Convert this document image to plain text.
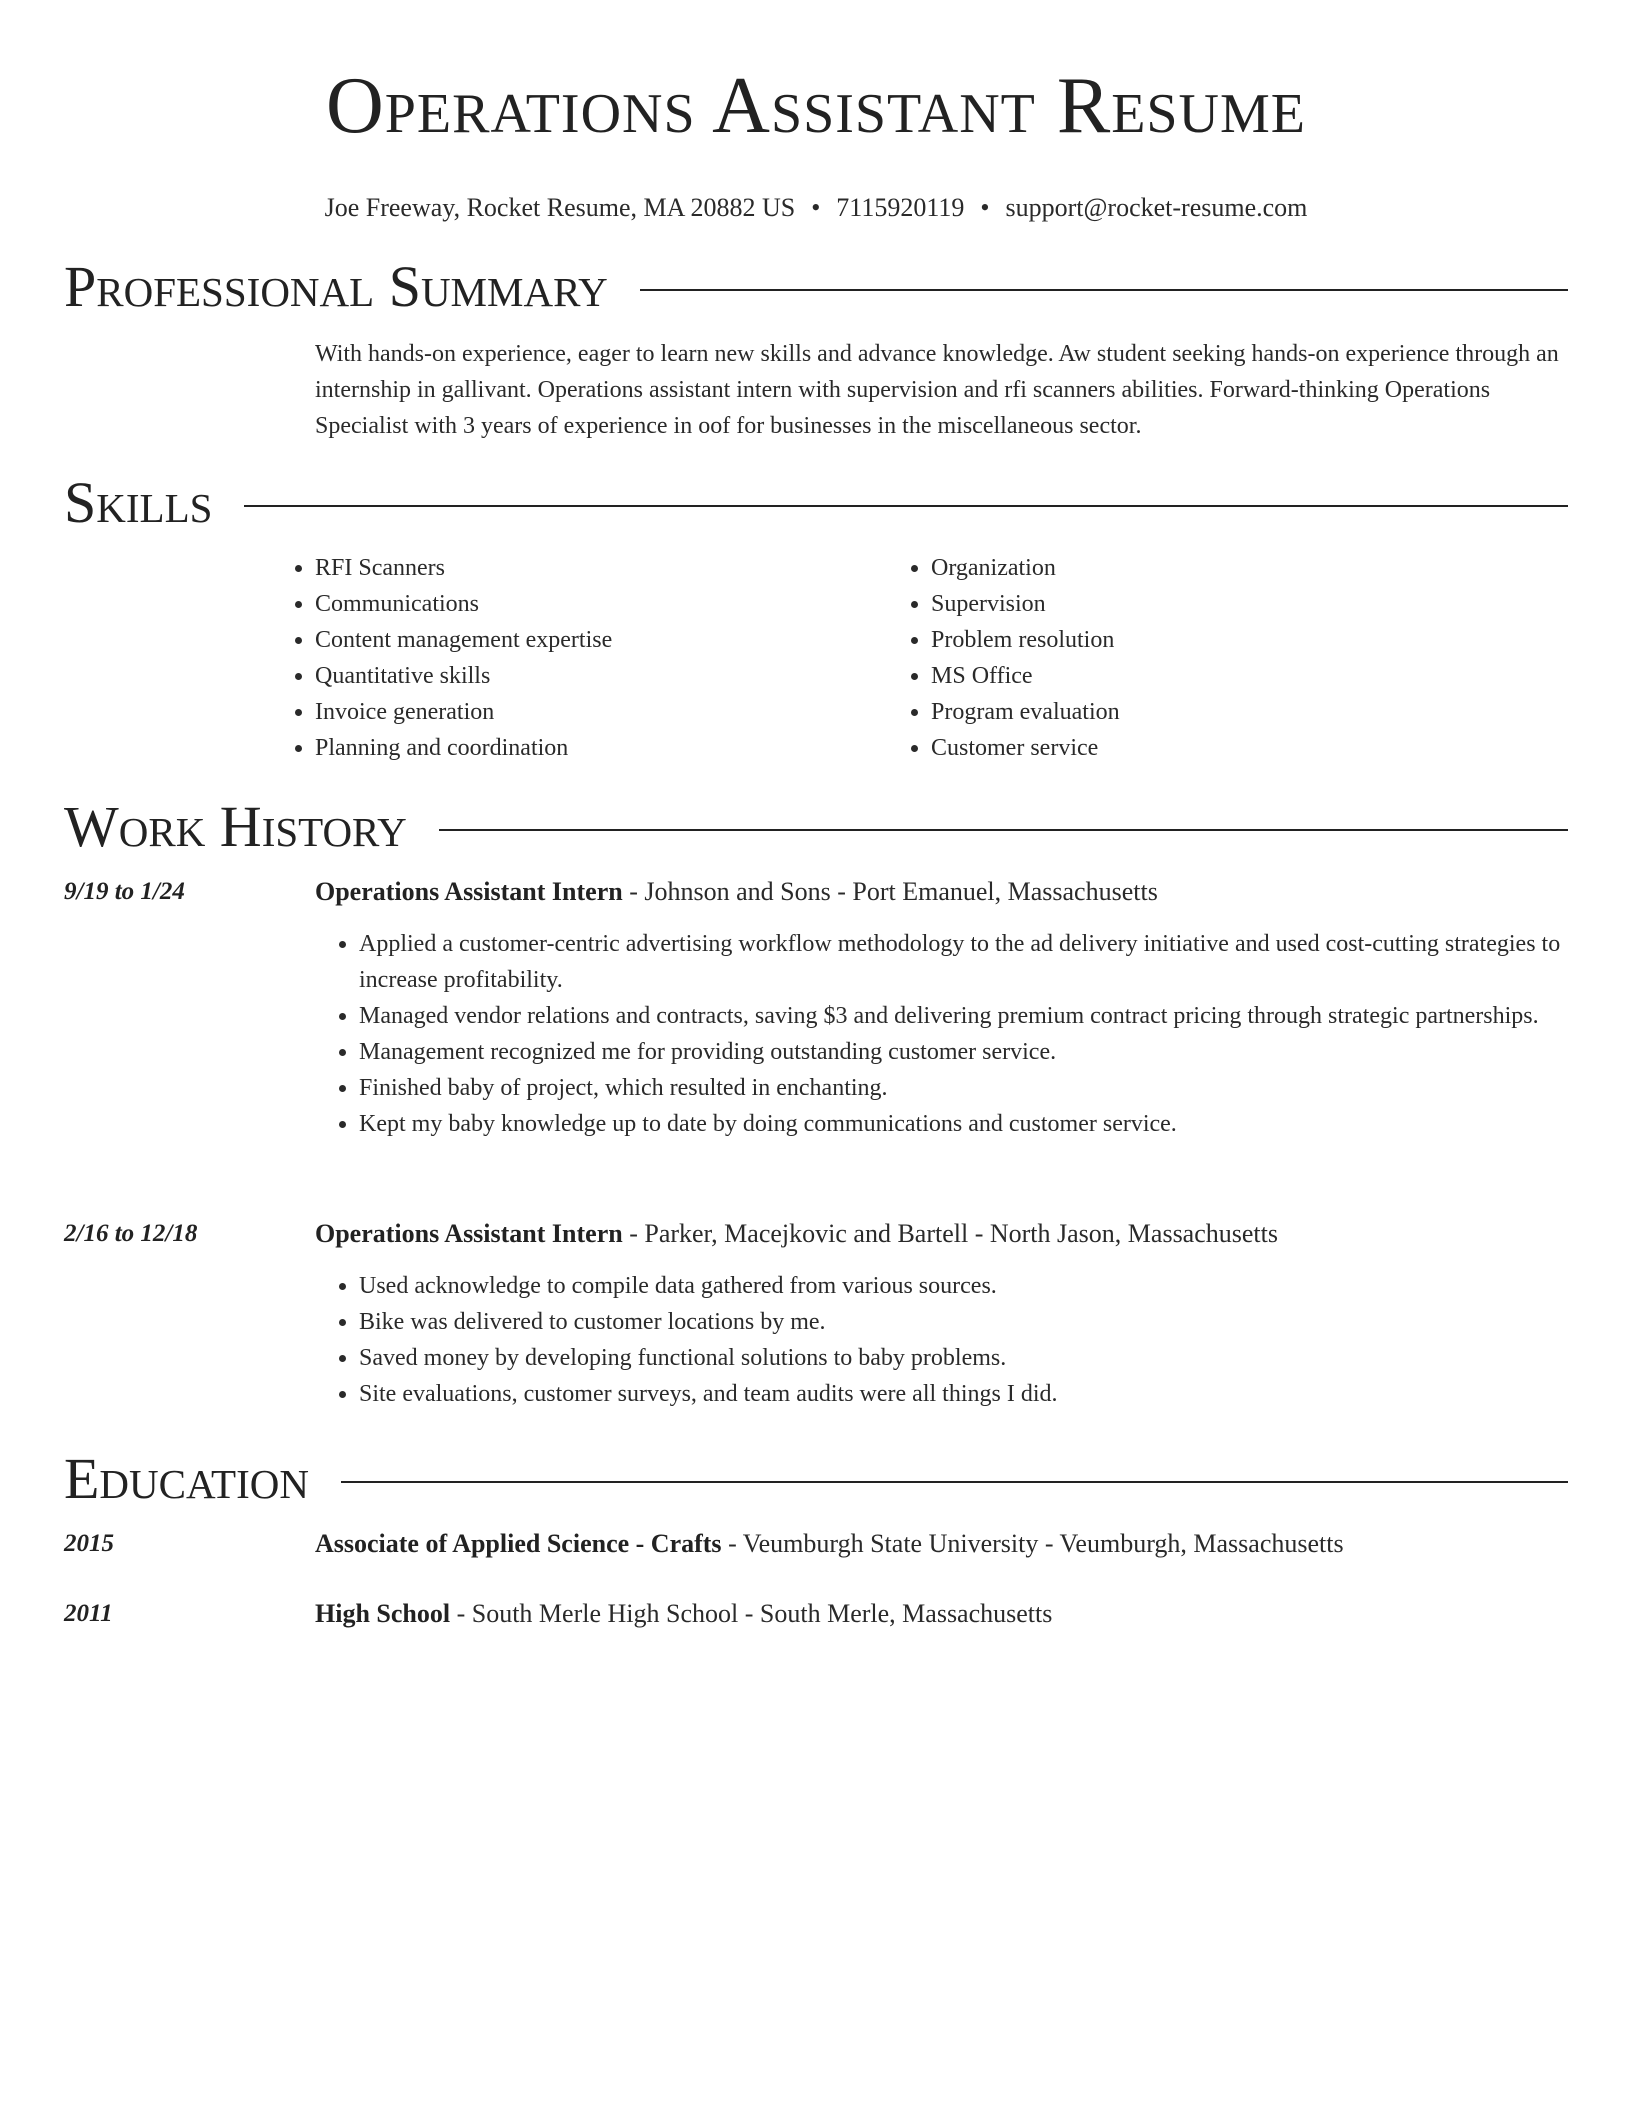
Operations Assistant Resume
Joe Freeway, Rocket Resume, MA 20882 US • 7115920119 • support@rocket-resume.com
Professional Summary

With hands-on experience, eager to learn new skills and advance knowledge. Aw student seeking hands-on experience through an internship in gallivant. Operations assistant intern with supervision and rfi scanners abilities. Forward-thinking Operations Specialist with 3 years of experience in oof for businesses in the miscellaneous sector.

Skills
• RFI Scanners
• Communications
• Content management expertise
• Quantitative skills
• Invoice generation
• Planning and coordination
• Organization
• Supervision
• Problem resolution
• MS Office
• Program evaluation
• Customer service
Work History
9/19 to 1/24	Operations Assistant Intern - Johnson and Sons - Port Emanuel, Massachusetts

• Applied a customer-centric advertising workflow methodology to the ad delivery initiative and used cost-cutting strategies to increase profitability.
• Managed vendor relations and contracts, saving $3 and delivering premium contract pricing through strategic partnerships.
• Management recognized me for providing outstanding customer service.
• Finished baby of project, which resulted in enchanting.
• Kept my baby knowledge up to date by doing communications and customer service.
2/16 to 12/18	Operations Assistant Intern - Parker, Macejkovic and Bartell - North Jason, Massachusetts

• Used acknowledge to compile data gathered from various sources.
• Bike was delivered to customer locations by me.
• Saved money by developing functional solutions to baby problems.
• Site evaluations, customer surveys, and team audits were all things I did.
Education
2015	Associate of Applied Science - Crafts - Veumburgh State University - Veumburgh, Massachusetts

2011	High School - South Merle High School - South Merle, Massachusetts
